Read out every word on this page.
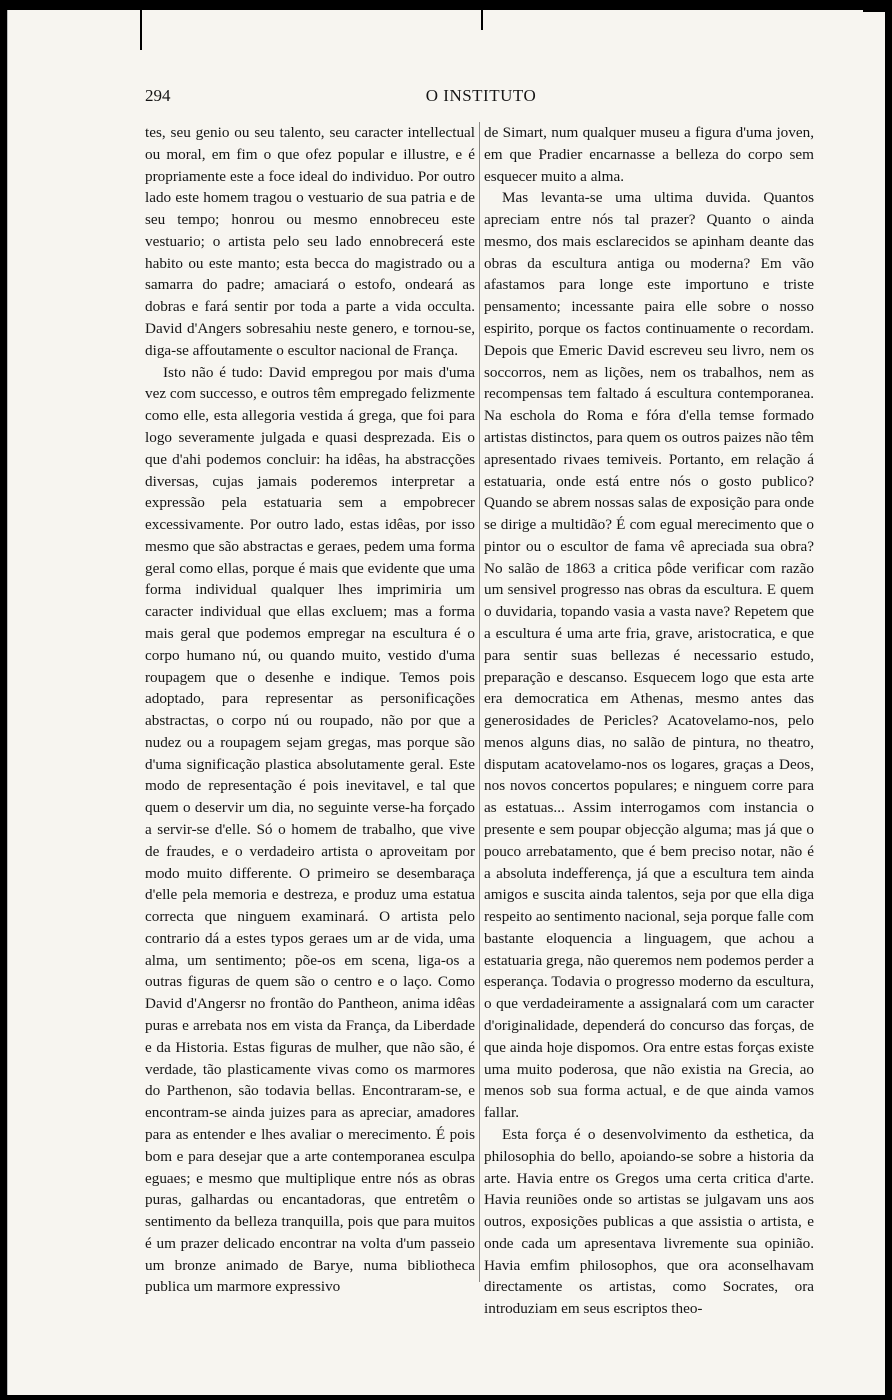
294	O INSTITUTO

tes, seu genio ou seu talento, seu caracter intellectual ou moral, em fim o que ofez popular e illustre, e é propriamente este a foce ideal do individuo. Por outro lado este homem tragou o vestuario de sua patria e de seu tempo; honrou ou mesmo ennobreceu este vestuario; o artista pelo seu lado ennobrecerá este habito ou este manto; esta becca do magistrado ou a samarra do padre; amaciará o estofo, ondeará as dobras e fará sentir por toda a parte a vida occulta. David d'Angers sobresahiu neste genero, e tornou-se, diga-se affoutamente o escultor nacional de França.

Isto não é tudo: David empregou por mais d'uma vez com successo, e outros têm empregado felizmente como elle, esta allegoria vestida á grega, que foi para logo severamente julgada e quasi desprezada. Eis o que d'ahi podemos concluir: ha idêas, ha abstracções diversas, cujas jamais poderemos interpretar a expressão pela estatuaria sem a empobrecer excessivamente. Por outro lado, estas idêas, por isso mesmo que são abstractas e geraes, pedem uma forma geral como ellas, porque é mais que evidente que uma forma individual qualquer lhes imprimiria um caracter individual que ellas excluem; mas a forma mais geral que podemos empregar na escultura é o corpo humano nú, ou quando muito, vestido d'uma roupagem que o desenhe e indique. Temos pois adoptado, para representar as personificações abstractas, o corpo nú ou roupado, não por que a nudez ou a roupagem sejam gregas, mas porque são d'uma significação plastica absolutamente geral. Este modo de representação é pois inevitavel, e tal que quem o deservir um dia, no seguinte verse-ha forçado a servir-se d'elle. Só o homem de trabalho, que vive de fraudes, e o verdadeiro artista o aproveitam por modo muito differente. O primeiro se desembaraça d'elle pela memoria e destreza, e produz uma estatua correcta que ninguem examinará. O artista pelo contrario dá a estes typos geraes um ar de vida, uma alma, um sentimento; põe-os em scena, liga-os a outras figuras de quem são o centro e o laço. Como David d'Angersr no frontão do Pantheon, anima idêas puras e arrebata nos em vista da França, da Liberdade e da Historia. Estas figuras de mulher, que não são, é verdade, tão plasticamente vivas como os marmores do Parthenon, são todavia bellas. Encontraram-se, e encontram-se ainda juizes para as apreciar, amadores para as entender e lhes avaliar o merecimento. É pois bom e para desejar que a arte contemporanea esculpa eguaes; e mesmo que multiplique entre nós as obras puras, galhardas ou encantadoras, que entretêm o sentimento da belleza tranquilla, pois que para muitos é um prazer delicado encontrar na volta d'um passeio um bronze animado de Barye, numa bibliotheca publica um marmore expressivo

de Simart, num qualquer museu a figura d'uma joven, em que Pradier encarnasse a belleza do corpo sem esquecer muito a alma.

Mas levanta-se uma ultima duvida. Quantos apreciam entre nós tal prazer? Quanto o ainda mesmo, dos mais esclarecidos se apinham deante das obras da escultura antiga ou moderna? Em vão afastamos para longe este importuno e triste pensamento; incessante paira elle sobre o nosso espirito, porque os factos continuamente o recordam. Depois que Emeric David escreveu seu livro, nem os soccorros, nem as lições, nem os trabalhos, nem as recompensas tem faltado á escultura contemporanea. Na eschola do Roma e fóra d'ella temse formado artistas distinctos, para quem os outros paizes não têm apresentado rivaes temiveis. Portanto, em relação á estatuaria, onde está entre nós o gosto publico? Quando se abrem nossas salas de exposição para onde se dirige a multidão? É com egual merecimento que o pintor ou o escultor de fama vê apreciada sua obra? No salão de 1863 a critica pôde verificar com razão um sensivel progresso nas obras da escultura. E quem o duvidaria, topando vasia a vasta nave? Repetem que a escultura é uma arte fria, grave, aristocratica, e que para sentir suas bellezas é necessario estudo, preparação e descanso. Esquecem logo que esta arte era democratica em Athenas, mesmo antes das generosidades de Pericles? Acatovelamo-nos, pelo menos alguns dias, no salão de pintura, no theatro, disputam acatovelamo-nos os logares, graças a Deos, nos novos concertos populares; e ninguem corre para as estatuas... Assim interrogamos com instancia o presente e sem poupar objecção alguma; mas já que o pouco arrebatamento, que é bem preciso notar, não é a absoluta indefferença, já que a escultura tem ainda amigos e suscita ainda talentos, seja por que ella diga respeito ao sentimento nacional, seja porque falle com bastante eloquencia a linguagem, que achou a estatuaria grega, não queremos nem podemos perder a esperança. Todavia o progresso moderno da escultura, o que verdadeiramente a assignalará com um caracter d'originalidade, dependerá do concurso das forças, de que ainda hoje dispomos. Ora entre estas forças existe uma muito poderosa, que não existia na Grecia, ao menos sob sua forma actual, e de que ainda vamos fallar.

Esta força é o desenvolvimento da esthetica, da philosophia do bello, apoiando-se sobre a historia da arte. Havia entre os Gregos uma certa critica d'arte. Havia reuniões onde so artistas se julgavam uns aos outros, exposições publicas a que assistia o artista, e onde cada um apresentava livremente sua opinião. Havia emfim philosophos, que ora aconselhavam directamente os artistas, como Socrates, ora introduziam em seus escriptos theo-
